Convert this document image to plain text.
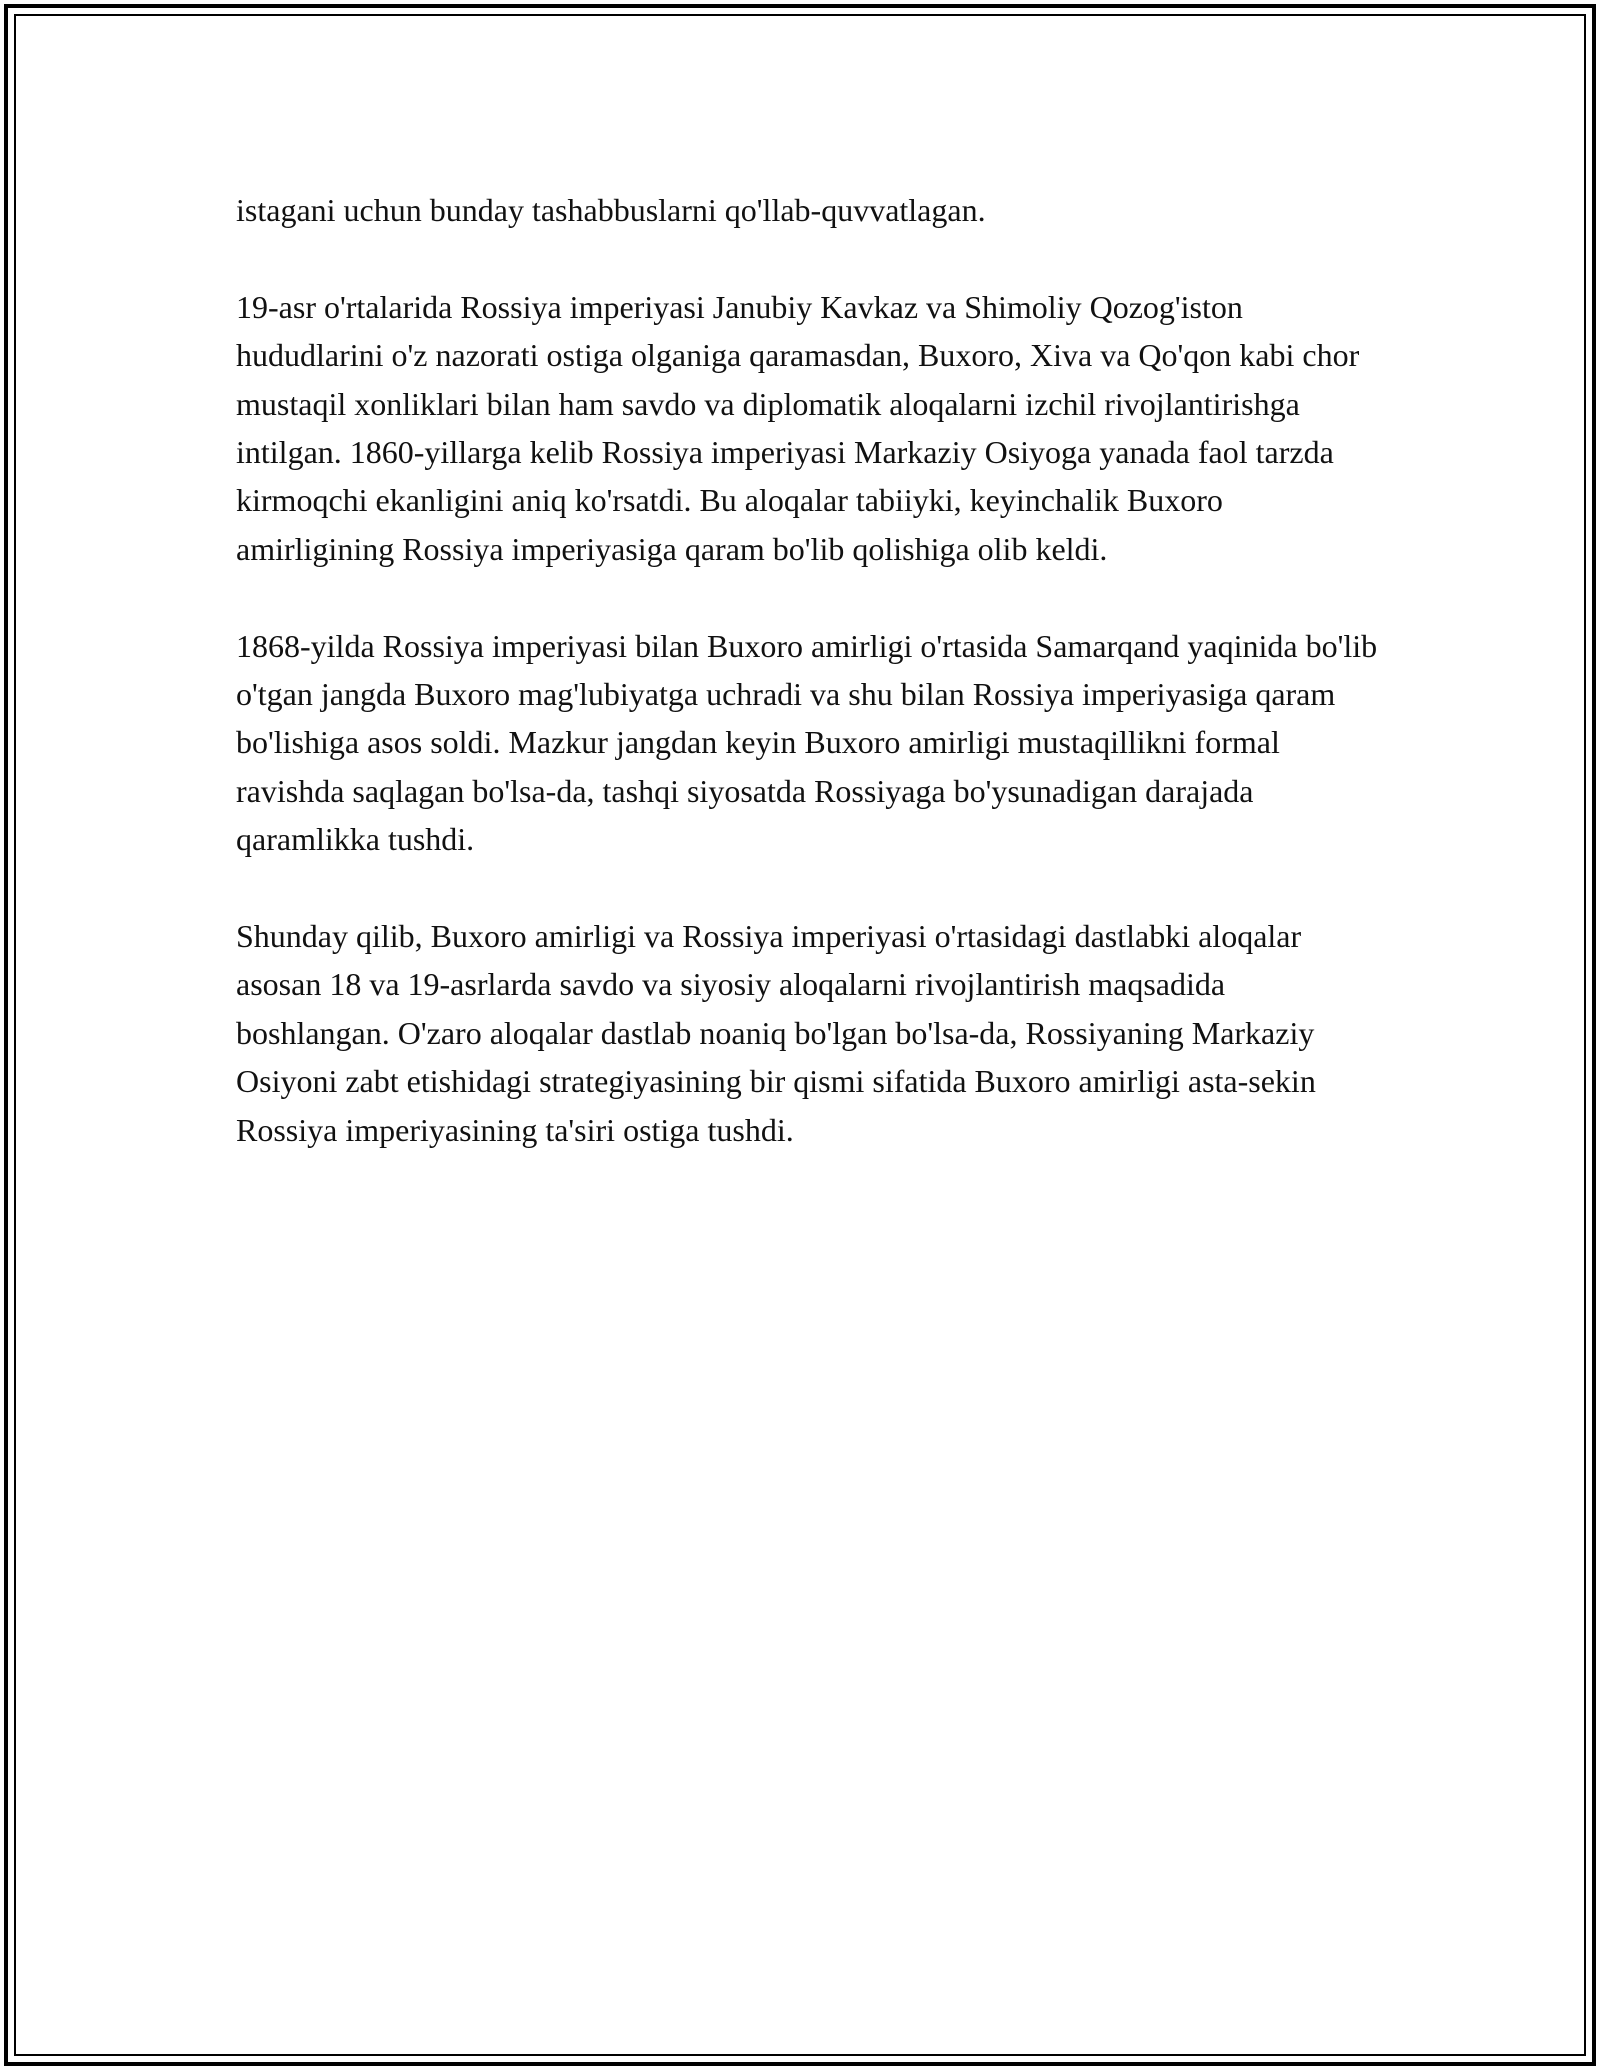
istagani uchun bunday tashabbuslarni qo'llab-quvvatlagan.

19-asr o'rtalarida Rossiya imperiyasi Janubiy Kavkaz va Shimoliy Qozog'iston hududlarini o'z nazorati ostiga olganiga qaramasdan, Buxoro, Xiva va Qo'qon kabi chor mustaqil xonliklari bilan ham savdo va diplomatik aloqalarni izchil rivojlantirishga intilgan. 1860-yillarga kelib Rossiya imperiyasi Markaziy Osiyoga yanada faol tarzda kirmoqchi ekanligini aniq ko'rsatdi. Bu aloqalar tabiiyki, keyinchalik Buxoro amirligining Rossiya imperiyasiga qaram bo'lib qolishiga olib keldi.

1868-yilda Rossiya imperiyasi bilan Buxoro amirligi o'rtasida Samarqand yaqinida bo'lib o'tgan jangda Buxoro mag'lubiyatga uchradi va shu bilan Rossiya imperiyasiga qaram bo'lishiga asos soldi. Mazkur jangdan keyin Buxoro amirligi mustaqillikni formal ravishda saqlagan bo'lsa-da, tashqi siyosatda Rossiyaga bo'ysunadigan darajada qaramlikka tushdi.

Shunday qilib, Buxoro amirligi va Rossiya imperiyasi o'rtasidagi dastlabki aloqalar asosan 18 va 19-asrlarda savdo va siyosiy aloqalarni rivojlantirish maqsadida boshlangan. O'zaro aloqalar dastlab noaniq bo'lgan bo'lsa-da, Rossiyaning Markaziy Osiyoni zabt etishidagi strategiyasining bir qismi sifatida Buxoro amirligi asta-sekin Rossiya imperiyasining ta'siri ostiga tushdi.
